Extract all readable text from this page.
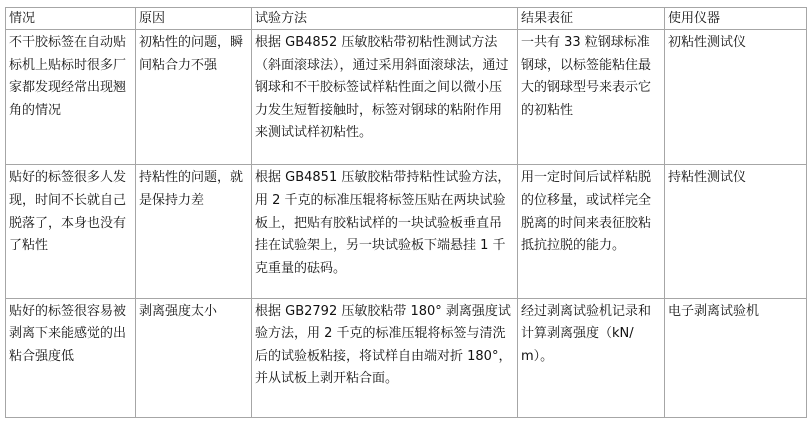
情况	原因	试验方法	结果表征	使用仪器
不干胶标签在自动贴标机上贴标时很多厂家都发现经常出现翘角的情况	初粘性的问题，瞬间粘合力不强	根据 GB4852 压敏胶粘带初粘性测试方法（斜面滚球法），通过采用斜面滚球法，通过钢球和不干胶标签试样粘性面之间以微小压力发生短暂接触时，标签对钢球的粘附作用来测试试样初粘性。	一共有 33 粒钢球标准钢球，以标签能粘住最大的钢球型号来表示它的初粘性	初粘性测试仪
贴好的标签很多人发现，时间不长就自己脱落了，本身也没有了粘性	持粘性的问题，就是保持力差	根据 GB4851 压敏胶粘带持粘性试验方法，用 2 千克的标准压辊将标签压贴在两块试验板上，把贴有胶粘试样的一块试验板垂直吊挂在试验架上，另一块试验板下端悬挂 1 千克重量的砝码。	用一定时间后试样粘脱的位移量，或试样完全脱离的时间来表征胶粘抵抗拉脱的能力。	持粘性测试仪
贴好的标签很容易被剥离下来能感觉的出粘合强度低	剥离强度太小	根据 GB2792 压敏胶粘带 180° 剥离强度试验方法，用 2 千克的标准压辊将标签与清洗后的试验板粘接，将试样自由端对折 180°，并从试板上剥开粘合面。	经过剥离试验机记录和计算剥离强度（kN/m）。	电子剥离试验机
